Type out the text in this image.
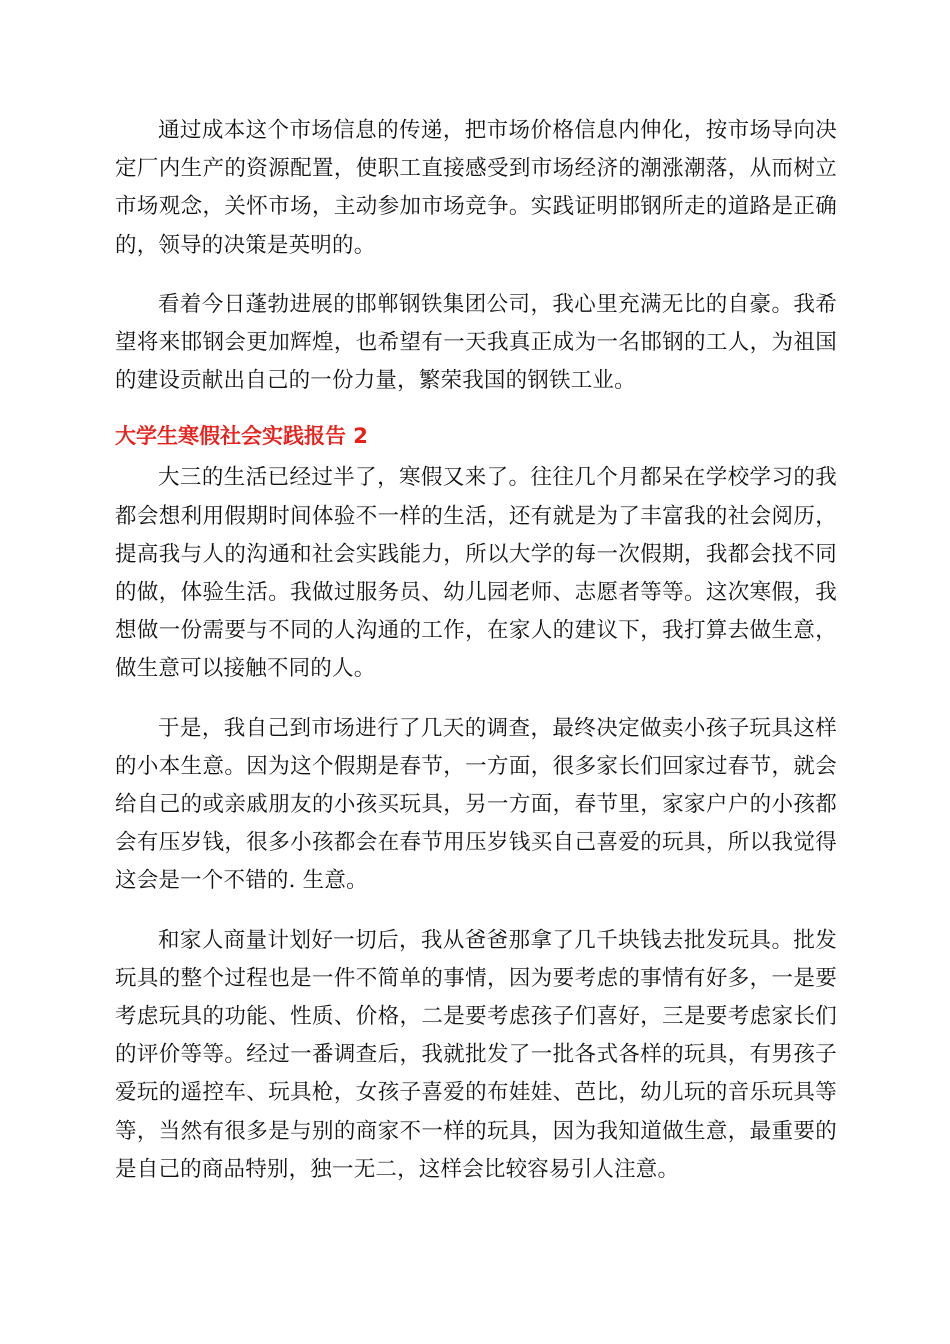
通过成本这个市场信息的传递，把市场价格信息内伸化，按市场导向决定厂内生产的资源配置，使职工直接感受到市场经济的潮涨潮落，从而树立市场观念，关怀市场，主动参加市场竞争。实践证明邯钢所走的道路是正确的，领导的决策是英明的。

看着今日蓬勃进展的邯郸钢铁集团公司，我心里充满无比的自豪。我希望将来邯钢会更加辉煌，也希望有一天我真正成为一名邯钢的工人，为祖国的建设贡献出自己的一份力量，繁荣我国的钢铁工业。

大学生寒假社会实践报告 2

大三的生活已经过半了，寒假又来了。往往几个月都呆在学校学习的我都会想利用假期时间体验不一样的生活，还有就是为了丰富我的社会阅历，提高我与人的沟通和社会实践能力，所以大学的每一次假期，我都会找不同的做，体验生活。我做过服务员、幼儿园老师、志愿者等等。这次寒假，我想做一份需要与不同的人沟通的工作，在家人的建议下，我打算去做生意，做生意可以接触不同的人。

于是，我自己到市场进行了几天的调查，最终决定做卖小孩子玩具这样的小本生意。因为这个假期是春节，一方面，很多家长们回家过春节，就会给自己的或亲戚朋友的小孩买玩具，另一方面，春节里，家家户户的小孩都会有压岁钱，很多小孩都会在春节用压岁钱买自己喜爱的玩具，所以我觉得这会是一个不错的. 生意。

和家人商量计划好一切后，我从爸爸那拿了几千块钱去批发玩具。批发玩具的整个过程也是一件不简单的事情，因为要考虑的事情有好多，一是要考虑玩具的功能、性质、价格，二是要考虑孩子们喜好，三是要考虑家长们的评价等等。经过一番调查后，我就批发了一批各式各样的玩具，有男孩子爱玩的遥控车、玩具枪，女孩子喜爱的布娃娃、芭比，幼儿玩的音乐玩具等等，当然有很多是与别的商家不一样的玩具，因为我知道做生意，最重要的是自己的商品特别，独一无二，这样会比较容易引人注意。
